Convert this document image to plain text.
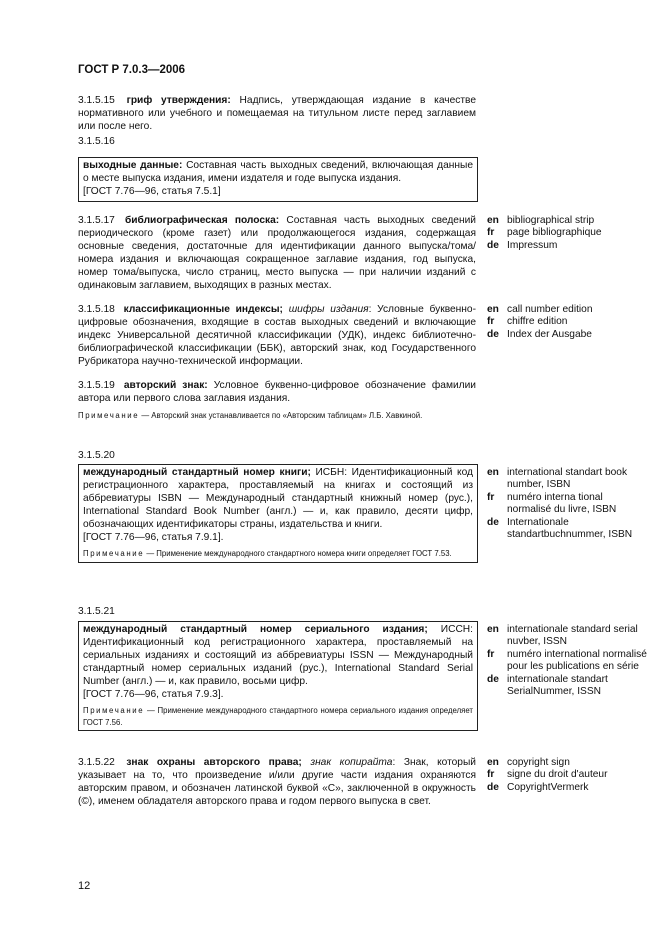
ГОСТ Р 7.0.3—2006

3.1.5.15 гриф утверждения: Надпись, утверждающая издание в качестве нормативного или учебного и помещаемая на титульном листе перед заглавием или после него.

3.1.5.16

выходные данные: Составная часть выходных сведений, включающая данные о месте выпуска издания, имени издателя и годе выпуска издания.

[ГОСТ 7.76—96, статья 7.5.1]

3.1.5.17 библиографическая полоска: Составная часть выходных сведений периодического (кроме газет) или продолжающегося издания, содержащая основные сведения, достаточные для идентификации данного выпуска/тома/номера издания и включающая сокращенное заглавие издания, год выпуска, номер тома/выпуска, число страниц, место выпуска — при наличии изданий с одинаковым заглавием, выходящих в разных местах.

en bibliographical strip
fr	page bibliographique
de Impressum

3.1.5.18 классификационные индексы; шифры издания: Условные буквенно-цифровые обозначения, входящие в состав выходных сведений и включающие индекс Универсальной десятичной классификации (УДК), индекс библиотечно-библиографической классификации (ББК), авторский знак, код Государственного Рубрикатора научно-технической информации.

en call number edition
fr	chiffre edition
de Index der Ausgabe

3.1.5.19 авторский знак: Условное буквенно-цифровое обозначение фамилии автора или первого слова заглавия издания.

Примечание — Авторский знак устанавливается по «Авторским таблицам» Л.Б. Хавкиной.

3.1.5.20

международный стандартный номер книги; ИСБН: Идентификационный код регистрационного характера, проставляемый на книгах и состоящий из аббревиатуры ISBN — Международный стандартный книжный номер (рус.), International Standard Book Number (англ.) — и, как правило, десяти цифр, обозначающих идентификаторы страны, издательства и книги.

[ГОСТ 7.76—96, статья 7.9.1].

Примечание — Применение международного стандартного номера книги определяет ГОСТ 7.53.

en international standart book number, ISBN
fr	numéro interna tional normalisé du livre, ISBN
de Internationale standartbuchnummer, ISBN
3.1.5.21

международный стандартный номер сериального издания; ИССН: Идентификационный код регистрационного характера, проставляемый на сериальных изданиях и состоящий из аббревиатуры ISSN — Международный стандартный номер сериальных изданий (рус.), International Standard Serial Number (англ.) — и, как правило, восьми цифр.

[ГОСТ 7.76—96, статья 7.9.3].

Примечание — Применение международного стандартного номера сериального издания определяет ГОСТ 7.56.

en internationale standard serial nuvber, ISSN
fr	numéro international normalisé pour les publications en série
de internationale standart SerialNummer, ISSN

3.1.5.22 знак охраны авторского права; знак копирайта: Знак, который указывает на то, что произведение и/или другие части издания охраняются авторским правом, и обозначен латинской буквой «С», заключенной в окружность (©), именем обладателя авторского права и годом первого выпуска в свет.

en copyright sign
fr	signe du droit d'auteur
de CopyrightVermerk
12
